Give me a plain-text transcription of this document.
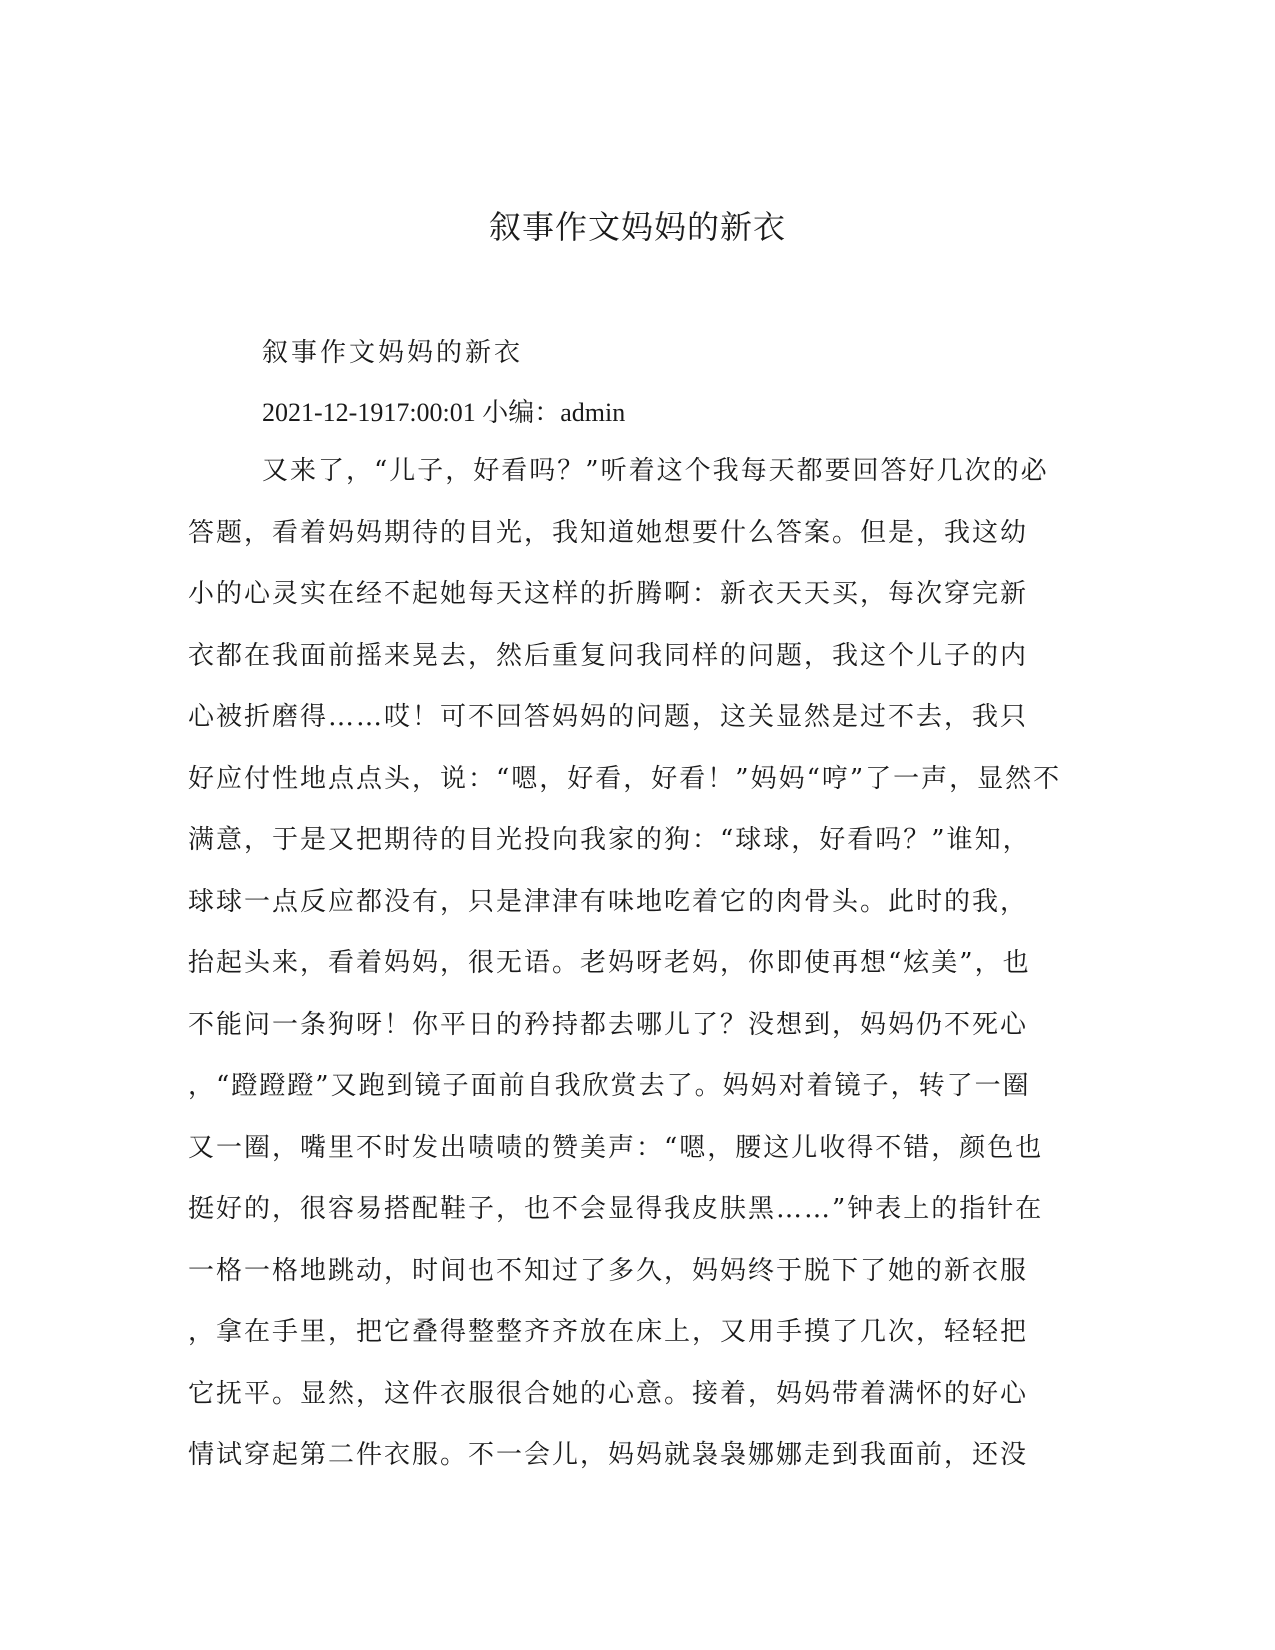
叙事作文妈妈的新衣
叙事作文妈妈的新衣
2021-12-1917:00:01 小编：admin
又来了，“儿子，好看吗？”听着这个我每天都要回答好几次的必
答题，看着妈妈期待的目光，我知道她想要什么答案。但是，我这幼
小的心灵实在经不起她每天这样的折腾啊：新衣天天买，每次穿完新
衣都在我面前摇来晃去，然后重复问我同样的问题，我这个儿子的内
心被折磨得……哎！可不回答妈妈的问题，这关显然是过不去，我只
好应付性地点点头，说：“嗯，好看，好看！”妈妈“哼”了一声，显然不
满意，于是又把期待的目光投向我家的狗：“球球，好看吗？”谁知，
球球一点反应都没有，只是津津有味地吃着它的肉骨头。此时的我，
抬起头来，看着妈妈，很无语。老妈呀老妈，你即使再想“炫美”，也
不能问一条狗呀！你平日的矜持都去哪儿了？没想到，妈妈仍不死心
，“蹬蹬蹬”又跑到镜子面前自我欣赏去了。妈妈对着镜子，转了一圈
又一圈，嘴里不时发出啧啧的赞美声：“嗯，腰这儿收得不错，颜色也
挺好的，很容易搭配鞋子，也不会显得我皮肤黑……”钟表上的指针在
一格一格地跳动，时间也不知过了多久，妈妈终于脱下了她的新衣服
，拿在手里，把它叠得整整齐齐放在床上，又用手摸了几次，轻轻把
它抚平。显然，这件衣服很合她的心意。接着，妈妈带着满怀的好心
情试穿起第二件衣服。不一会儿，妈妈就袅袅娜娜走到我面前，还没
